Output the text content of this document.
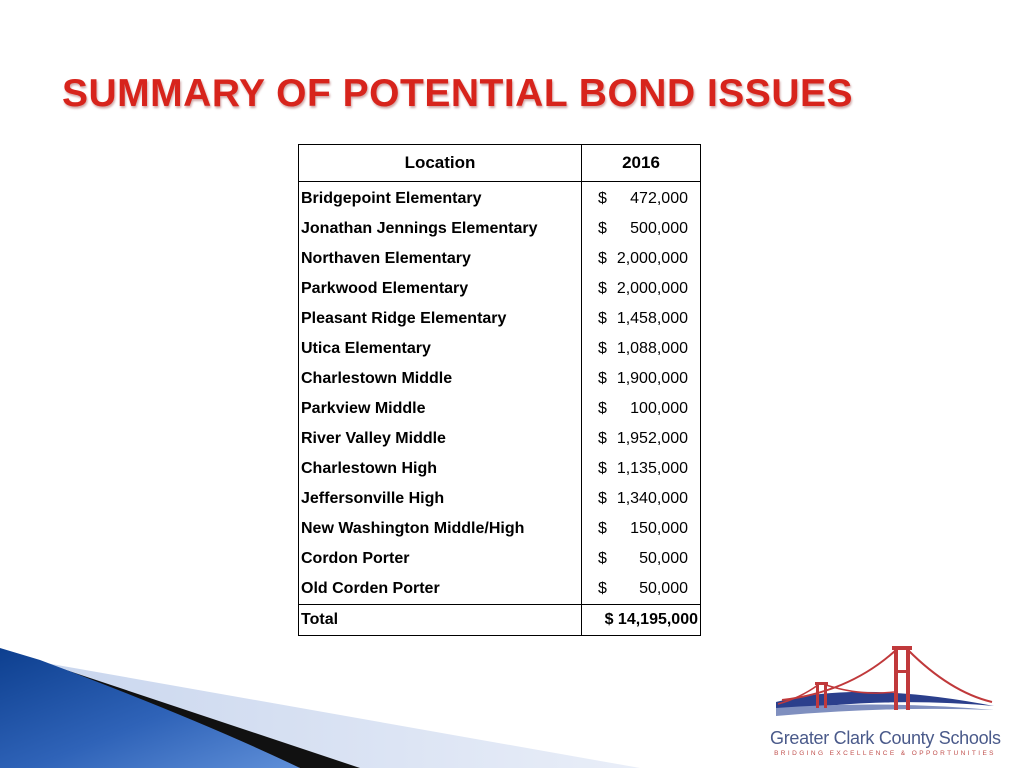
SUMMARY OF POTENTIAL BOND ISSUES
Location	2016
Bridgepoint Elementary	$ 472,000

Jonathan Jennings Elementary	$ 500,000

Northaven Elementary	$ 2,000,000

Parkwood Elementary	$ 2,000,000

Pleasant Ridge Elementary	$ 1,458,000

Utica Elementary	$ 1,088,000

Charlestown Middle	$ 1,900,000

Parkview Middle	$ 100,000

River Valley Middle	$ 1,952,000

Charlestown High	$ 1,135,000

Jeffersonville High	$ 1,340,000

New Washington Middle/High	$ 150,000

Cordon Porter	$ 50,000

Old Corden Porter	$ 50,000

Total	$ 14,195,000
Greater Clark County Schools
BRIDGING EXCELLENCE & OPPORTUNITIES
